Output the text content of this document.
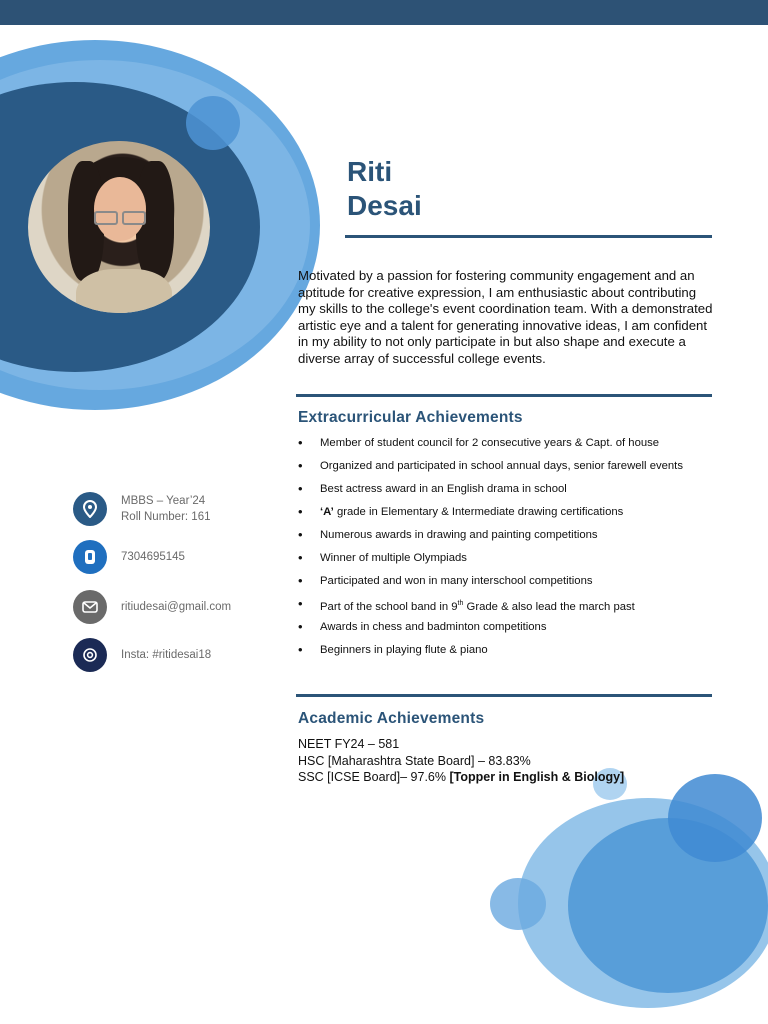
Riti
Desai
Motivated by a passion for fostering community engagement and an aptitude for creative expression, I am enthusiastic about contributing my skills to the college's event coordination team. With a demonstrated artistic eye and a talent for generating innovative ideas, I am confident in my ability to not only participate in but also shape and execute a diverse array of successful college events.
Extracurricular Achievements
• Member of student council for 2 consecutive years & Capt. of house
• Organized and participated in school annual days, senior farewell events
• Best actress award in an English drama in school
• ‘A’ grade in Elementary & Intermediate drawing certifications
• Numerous awards in drawing and painting competitions
• Winner of multiple Olympiads
• Participated and won in many interschool competitions
• Part of the school band in 9th Grade & also lead the march past
• Awards in chess and badminton competitions
• Beginners in playing flute & piano
MBBS – Year’24
Roll Number: 161
7304695145
ritiudesai@gmail.com
Insta: #ritidesai18
Academic Achievements
NEET FY24 – 581
HSC [Maharashtra State Board] – 83.83%
SSC [ICSE Board]– 97.6% [Topper in English & Biology]
